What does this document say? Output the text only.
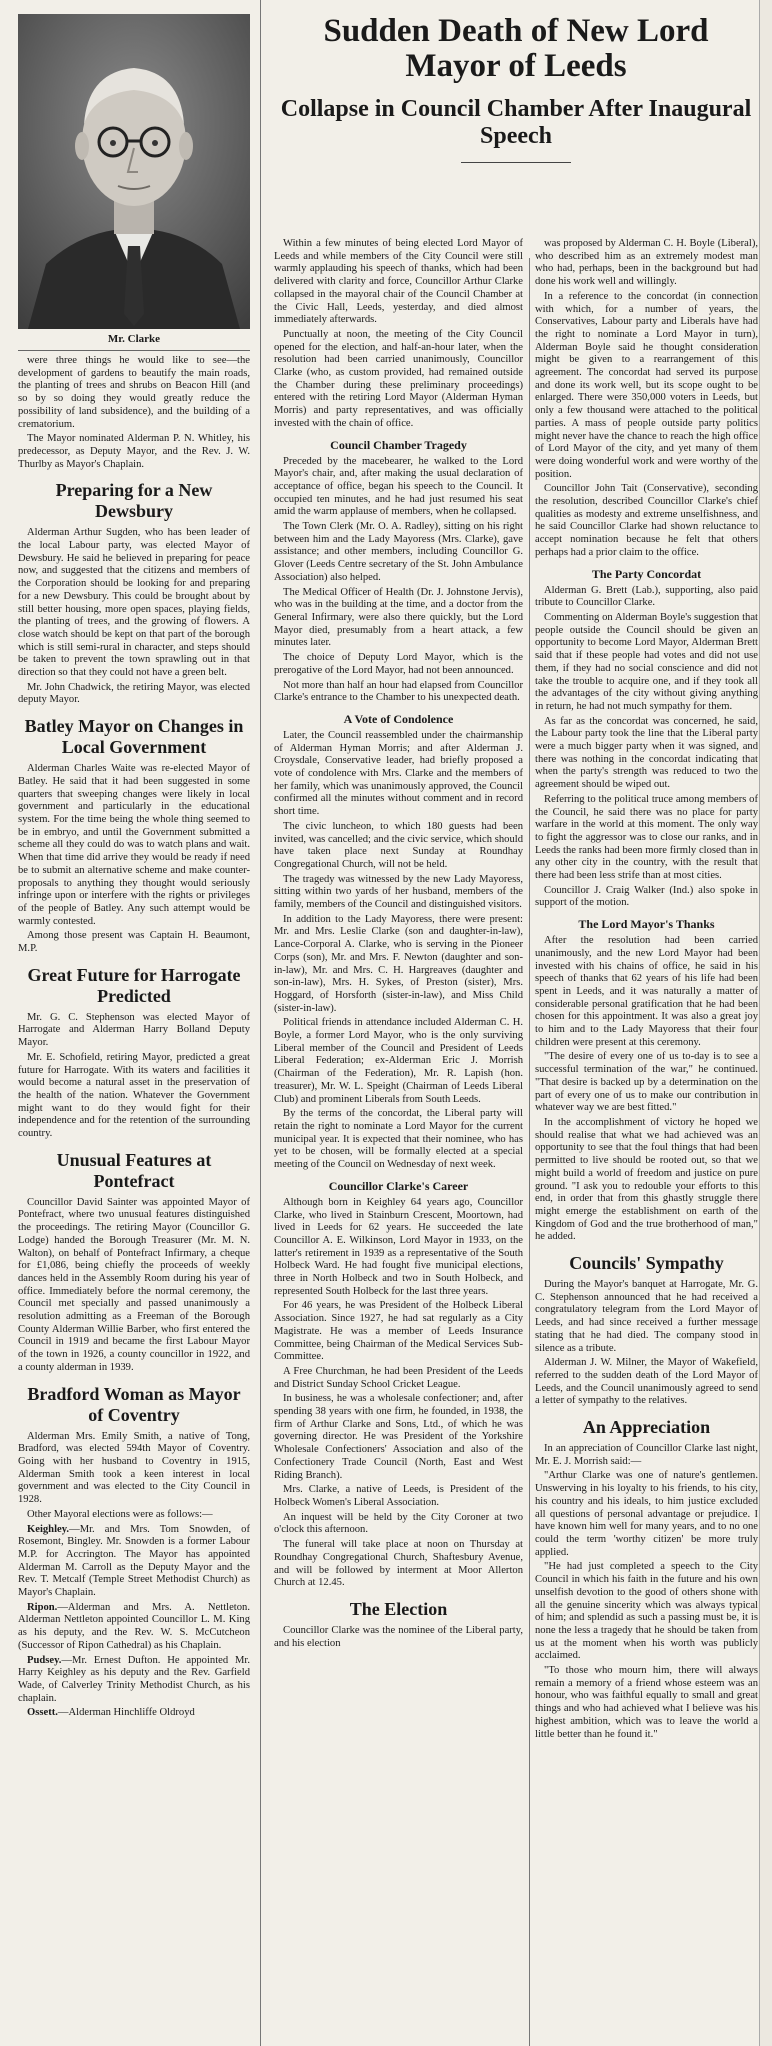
Sudden Death of New Lord Mayor of Leeds
Collapse in Council Chamber After Inaugural Speech
Mr. Clarke

were three things he would like to see—the development of gardens to beautify the main roads, the planting of trees and shrubs on Beacon Hill (and so by so doing they would greatly reduce the possibility of land subsidence), and the building of a crematorium.

The Mayor nominated Alderman P. N. Whitley, his predecessor, as Deputy Mayor, and the Rev. J. W. Thurlby as Mayor's Chaplain.

Preparing for a New Dewsbury

Alderman Arthur Sugden, who has been leader of the local Labour party, was elected Mayor of Dewsbury. He said he believed in preparing for peace now, and suggested that the citizens and members of the Corporation should be looking for and preparing for a new Dewsbury. This could be brought about by still better housing, more open spaces, playing fields, the planting of trees, and the growing of flowers. A close watch should be kept on that part of the borough which is still semi-rural in character, and steps should be taken to prevent the town sprawling out in that direction so that they could not have a green belt.

Mr. John Chadwick, the retiring Mayor, was elected deputy Mayor.

Batley Mayor on Changes in Local Government

Alderman Charles Waite was re-elected Mayor of Batley. He said that it had been suggested in some quarters that sweeping changes were likely in local government and particularly in the educational system. For the time being the whole thing seemed to be in embryo, and until the Government submitted a scheme all they could do was to watch plans and wait. When that time did arrive they would be ready if need be to submit an alternative scheme and make counter-proposals to anything they thought would seriously infringe upon or interfere with the rights or privileges of the people of Batley. Any such attempt would be warmly contested.

Among those present was Captain H. Beaumont, M.P.

Great Future for Harrogate Predicted

Mr. G. C. Stephenson was elected Mayor of Harrogate and Alderman Harry Bolland Deputy Mayor.

Mr. E. Schofield, retiring Mayor, predicted a great future for Harrogate. With its waters and facilities it would become a natural asset in the preservation of the health of the nation. Whatever the Government might want to do they would fight for their independence and for the retention of the surrounding country.

Unusual Features at Pontefract

Councillor David Sainter was appointed Mayor of Pontefract, where two unusual features distinguished the proceedings. The retiring Mayor (Councillor G. Lodge) handed the Borough Treasurer (Mr. M. N. Walton), on behalf of Pontefract Infirmary, a cheque for £1,086, being chiefly the proceeds of weekly dances held in the Assembly Room during his year of office. Immediately before the normal ceremony, the Council met specially and passed unanimously a resolution admitting as a Freeman of the Borough County Alderman Willie Barber, who first entered the Council in 1919 and became the first Labour Mayor of the town in 1926, a county councillor in 1922, and a county alderman in 1939.

Bradford Woman as Mayor of Coventry

Alderman Mrs. Emily Smith, a native of Tong, Bradford, was elected 594th Mayor of Coventry. Going with her husband to Coventry in 1915, Alderman Smith took a keen interest in local government and was elected to the City Council in 1928.

Other Mayoral elections were as follows:—

Keighley.—Mr. and Mrs. Tom Snowden, of Rosemont, Bingley. Mr. Snowden is a former Labour M.P. for Accrington. The Mayor has appointed Alderman M. Carroll as the Deputy Mayor and the Rev. T. Metcalf (Temple Street Methodist Church) as Mayor's Chaplain.

Ripon.—Alderman and Mrs. A. Nettleton. Alderman Nettleton appointed Councillor L. M. King as his deputy, and the Rev. W. S. McCutcheon (Successor of Ripon Cathedral) as his Chaplain.

Pudsey.—Mr. Ernest Dufton. He appointed Mr. Harry Keighley as his deputy and the Rev. Garfield Wade, of Calverley Trinity Methodist Church, as his chaplain.

Ossett.—Alderman Hinchliffe Oldroyd

Within a few minutes of being elected Lord Mayor of Leeds and while members of the City Council were still warmly applauding his speech of thanks, which had been delivered with clarity and force, Councillor Arthur Clarke collapsed in the mayoral chair of the Council Chamber at the Civic Hall, Leeds, yesterday, and died almost immediately afterwards.

Punctually at noon, the meeting of the City Council opened for the election, and half-an-hour later, when the resolution had been carried unanimously, Councillor Clarke (who, as custom provided, had remained outside the Chamber during these preliminary proceedings) entered with the retiring Lord Mayor (Alderman Hyman Morris) and party representatives, and was officially invested with the chain of office.

Council Chamber Tragedy

Preceded by the macebearer, he walked to the Lord Mayor's chair, and, after making the usual declaration of acceptance of office, began his speech to the Council. It occupied ten minutes, and he had just resumed his seat amid the warm applause of members, when he collapsed.

The Town Clerk (Mr. O. A. Radley), sitting on his right between him and the Lady Mayoress (Mrs. Clarke), gave assistance; and other members, including Councillor G. Glover (Leeds Centre secretary of the St. John Ambulance Association) also helped.

The Medical Officer of Health (Dr. J. Johnstone Jervis), who was in the building at the time, and a doctor from the General Infirmary, were also there quickly, but the Lord Mayor died, presumably from a heart attack, a few minutes later.

The choice of Deputy Lord Mayor, which is the prerogative of the Lord Mayor, had not been announced.

Not more than half an hour had elapsed from Councillor Clarke's entrance to the Chamber to his unexpected death.

A Vote of Condolence

Later, the Council reassembled under the chairmanship of Alderman Hyman Morris; and after Alderman J. Croysdale, Conservative leader, had briefly proposed a vote of condolence with Mrs. Clarke and the members of her family, which was unanimously approved, the Council confirmed all the minutes without comment and in record short time.

The civic luncheon, to which 180 guests had been invited, was cancelled; and the civic service, which should have taken place next Sunday at Roundhay Congregational Church, will not be held.

The tragedy was witnessed by the new Lady Mayoress, sitting within two yards of her husband, members of the family, members of the Council and distinguished visitors.

In addition to the Lady Mayoress, there were present: Mr. and Mrs. Leslie Clarke (son and daughter-in-law), Lance-Corporal A. Clarke, who is serving in the Pioneer Corps (son), Mr. and Mrs. F. Newton (daughter and son-in-law), Mr. and Mrs. C. H. Hargreaves (daughter and son-in-law), Mrs. H. Sykes, of Preston (sister), Mrs. Hoggard, of Horsforth (sister-in-law), and Miss Child (sister-in-law).

Political friends in attendance included Alderman C. H. Boyle, a former Lord Mayor, who is the only surviving Liberal member of the Council and President of Leeds Liberal Federation; ex-Alderman Eric J. Morrish (Chairman of the Federation), Mr. R. Lapish (hon. treasurer), Mr. W. L. Speight (Chairman of Leeds Liberal Club) and prominent Liberals from South Leeds.

By the terms of the concordat, the Liberal party will retain the right to nominate a Lord Mayor for the current municipal year. It is expected that their nominee, who has yet to be chosen, will be formally elected at a special meeting of the Council on Wednesday of next week.

Councillor Clarke's Career

Although born in Keighley 64 years ago, Councillor Clarke, who lived in Stainburn Crescent, Moortown, had lived in Leeds for 62 years. He succeeded the late Councillor A. E. Wilkinson, Lord Mayor in 1933, on the latter's retirement in 1939 as a representative of the South Holbeck Ward. He had fought five municipal elections, three in North Holbeck and two in South Holbeck, and represented South Holbeck for the last three years.

For 46 years, he was President of the Holbeck Liberal Association. Since 1927, he had sat regularly as a City Magistrate. He was a member of Leeds Insurance Committee, being Chairman of the Medical Services Sub-Committee.

A Free Churchman, he had been President of the Leeds and District Sunday School Cricket League.

In business, he was a wholesale confectioner; and, after spending 38 years with one firm, he founded, in 1938, the firm of Arthur Clarke and Sons, Ltd., of which he was governing director. He was President of the Yorkshire Wholesale Confectioners' Association and also of the Confectionery Trade Council (North, East and West Riding Branch).

Mrs. Clarke, a native of Leeds, is President of the Holbeck Women's Liberal Association.

An inquest will be held by the City Coroner at two o'clock this afternoon.

The funeral will take place at noon on Thursday at Roundhay Congregational Church, Shaftesbury Avenue, and will be followed by interment at Moor Allerton Church at 12.45.

The Election

Councillor Clarke was the nominee of the Liberal party, and his election

was proposed by Alderman C. H. Boyle (Liberal), who described him as an extremely modest man who had, perhaps, been in the background but had done his work well and willingly.

In a reference to the concordat (in connection with which, for a number of years, the Conservatives, Labour party and Liberals have had the right to nominate a Lord Mayor in turn), Alderman Boyle said he thought consideration might be given to a rearrangement of this agreement. The concordat had served its purpose and done its work well, but its scope ought to be enlarged. There were 350,000 voters in Leeds, but only a few thousand were attached to the political parties. A mass of people outside party politics might never have the chance to reach the high office of Lord Mayor of the city, and yet many of them were doing wonderful work and were worthy of the position.

Councillor John Tait (Conservative), seconding the resolution, described Councillor Clarke's chief qualities as modesty and extreme unselfishness, and he said Councillor Clarke had shown reluctance to accept nomination because he felt that others perhaps had a prior claim to the office.

The Party Concordat

Alderman G. Brett (Lab.), supporting, also paid tribute to Councillor Clarke.

Commenting on Alderman Boyle's suggestion that people outside the Council should be given an opportunity to become Lord Mayor, Alderman Brett said that if these people had votes and did not use them, if they had no social conscience and did not take the trouble to acquire one, and if they took all the advantages of the city without giving anything in return, he had not much sympathy for them.

As far as the concordat was concerned, he said, the Labour party took the line that the Liberal party were a much bigger party when it was signed, and there was nothing in the concordat indicating that when the party's strength was reduced to two the agreement should be wiped out.

Referring to the political truce among members of the Council, he said there was no place for party warfare in the world at this moment. The only way to fight the aggressor was to close our ranks, and in Leeds the ranks had been more firmly closed than in any other city in the country, with the result that there had been less strife than at most cities.

Councillor J. Craig Walker (Ind.) also spoke in support of the motion.

The Lord Mayor's Thanks

After the resolution had been carried unanimously, and the new Lord Mayor had been invested with his chains of office, he said in his speech of thanks that 62 years of his life had been spent in Leeds, and it was naturally a matter of considerable personal gratification that he had been chosen for this appointment. It was also a great joy to him and to the Lady Mayoress that their four children were present at this ceremony.

"The desire of every one of us to-day is to see a successful termination of the war," he continued. "That desire is backed up by a determination on the part of every one of us to make our contribution in whatever way we are best fitted."

In the accomplishment of victory he hoped we should realise that what we had achieved was an opportunity to see that the foul things that had been permitted to live should be rooted out, so that we might build a world of freedom and justice on pure ground. "I ask you to redouble your efforts to this end, in order that from this ghastly struggle there might emerge the establishment on earth of the Kingdom of God and the true brotherhood of man," he added.

Councils' Sympathy

During the Mayor's banquet at Harrogate, Mr. G. C. Stephenson announced that he had received a congratulatory telegram from the Lord Mayor of Leeds, and had since received a further message stating that he had died. The company stood in silence as a tribute.

Alderman J. W. Milner, the Mayor of Wakefield, referred to the sudden death of the Lord Mayor of Leeds, and the Council unanimously agreed to send a letter of sympathy to the relatives.

An Appreciation

In an appreciation of Councillor Clarke last night, Mr. E. J. Morrish said:—

"Arthur Clarke was one of nature's gentlemen. Unswerving in his loyalty to his friends, to his city, his country and his ideals, to him justice excluded all questions of personal advantage or prejudice. I have known him well for many years, and to no one could the term 'worthy citizen' be more truly applied.

"He had just completed a speech to the City Council in which his faith in the future and his own unselfish devotion to the good of others shone with all the genuine sincerity which was always typical of him; and splendid as such a passing must be, it is none the less a tragedy that he should be taken from us at the moment when his worth was publicly acclaimed.

"To those who mourn him, there will always remain a memory of a friend whose esteem was an honour, who was faithful equally to small and great things and who had achieved what I believe was his highest ambition, which was to leave the world a little better than he found it."
